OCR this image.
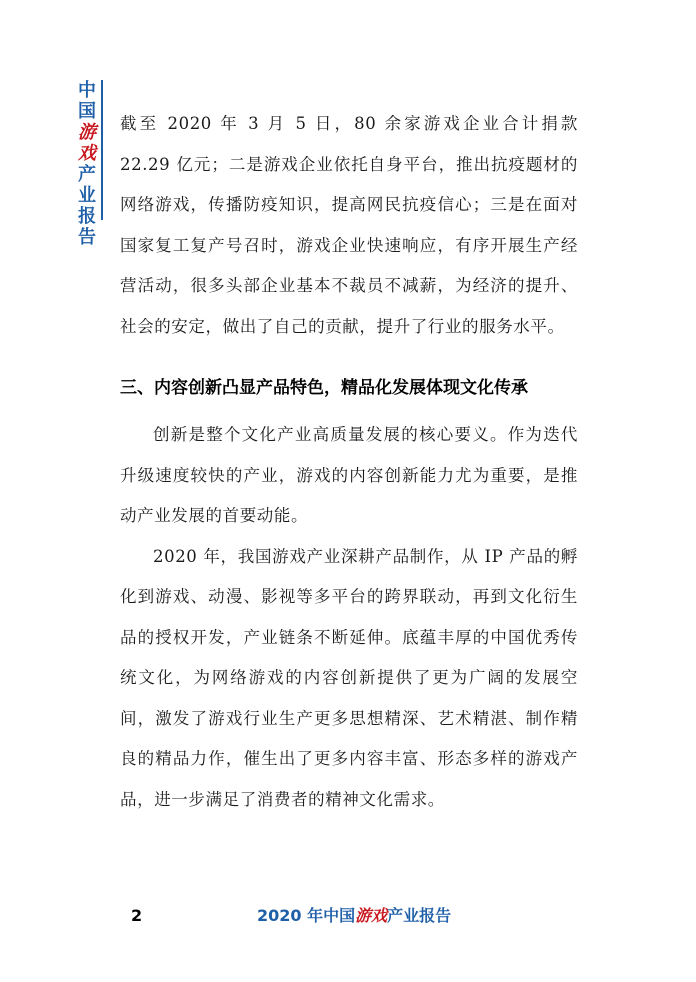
中
国
游
戏
产
业
报
告

截至 2020 年 3 月 5 日，80 余家游戏企业合计捐款 22.29 亿元；二是游戏企业依托自身平台，推出抗疫题材的网络游戏，传播防疫知识，提高网民抗疫信心；三是在面对国家复工复产号召时，游戏企业快速响应，有序开展生产经营活动，很多头部企业基本不裁员不减薪，为经济的提升、社会的安定，做出了自己的贡献，提升了行业的服务水平。

三、内容创新凸显产品特色，精品化发展体现文化传承

创新是整个文化产业高质量发展的核心要义。作为迭代升级速度较快的产业，游戏的内容创新能力尤为重要，是推动产业发展的首要动能。

2020 年，我国游戏产业深耕产品制作，从 IP 产品的孵化到游戏、动漫、影视等多平台的跨界联动，再到文化衍生品的授权开发，产业链条不断延伸。底蕴丰厚的中国优秀传统文化，为网络游戏的内容创新提供了更为广阔的发展空间，激发了游戏行业生产更多思想精深、艺术精湛、制作精良的精品力作，催生出了更多内容丰富、形态多样的游戏产品，进一步满足了消费者的精神文化需求。

2	2020 年中国游戏产业报告
